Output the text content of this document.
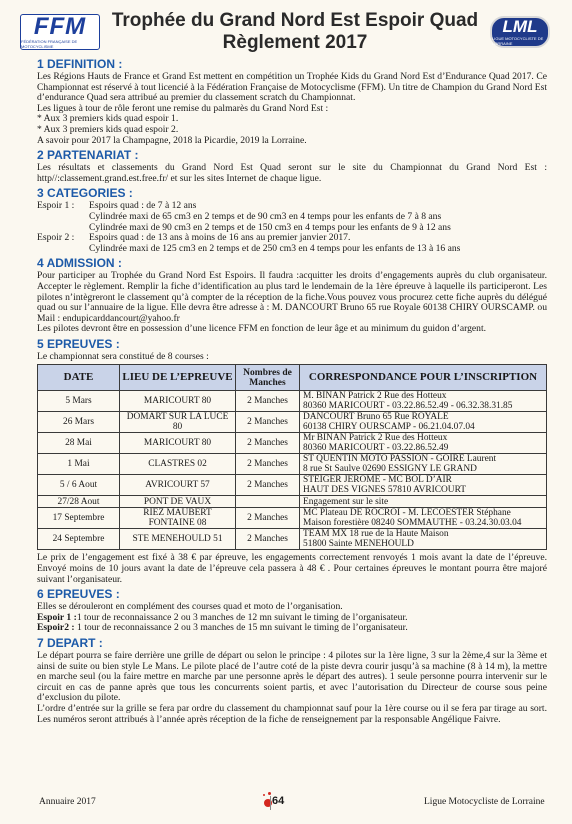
FFM
FÉDÉRATION FRANÇAISE DE MOTOCYCLISME
Trophée du Grand Nord Est Espoir Quad
Règlement 2017
LML
LIGUE MOTOCYCLISTE DE LORRAINE
1 DEFINITION :

Les Régions Hauts de France et Grand Est mettent en compétition un Trophée Kids du Grand Nord Est d’Endurance Quad 2017. Ce Championnat est réservé à tout licencié à la Fédération Française de Motocyclisme (FFM). Un titre de Champion du Grand Nord Est d’endurance Quad sera attribué au premier du classement scratch du Championnat.

Les ligues à tour de rôle feront une remise du palmarès du Grand Nord Est :

* Aux 3 premiers kids quad espoir 1.

* Aux 3 premiers kids quad espoir 2.

A savoir pour 2017 la Champagne, 2018 la Picardie, 2019 la Lorraine.

2 PARTENARIAT :

Les résultats et classements du Grand Nord Est Quad seront sur le site du Championnat du Grand Nord Est : http//:classement.grand.est.free.fr/ et sur les sites Internet de chaque ligue.

3 CATEGORIES :
Espoir 1 :	Espoirs quad : de 7 à 12 ans

Cylindrée maxi de 65 cm3 en 2 temps et de 90 cm3 en 4 temps pour les enfants de 7 à 8 ans

Cylindrée maxi de 90 cm3 en 2 temps et de 150 cm3 en 4 temps pour les enfants de 9 à 12 ans

Espoir 2 :	Espoirs quad : de 13 ans à moins de 16 ans au premier janvier 2017.

Cylindrée maxi de 125 cm3 en 2 temps et de 250 cm3 en 4 temps pour les enfants de 13 à 16 ans

4 ADMISSION :

Pour participer au Trophée du Grand Nord Est Espoirs. Il faudra :acquitter les droits d’engagements auprès du club organisateur. Accepter le règlement. Remplir la fiche d’identification au plus tard le lendemain de la 1ère épreuve à laquelle ils participeront. Les pilotes n’intègreront le classement qu’à compter de la réception de la fiche.Vous pouvez vous procurez cette fiche auprès du délégué quad ou sur l’annuaire de la ligue. Elle devra être adresse à : M. DANCOURT Bruno 65 rue Royale 60138 CHIRY OURSCAMP. ou Mail : endupicarddancourt@yahoo.fr

Les pilotes devront être en possession d’une licence FFM en fonction de leur âge et au minimum du guidon d’argent.

5 EPREUVES :

Le championnat sera constitué de 8 courses :

DATE	LIEU DE L’EPREUVE	Nombres de Manches	CORRESPONDANCE POUR L’INSCRIPTION
5 Mars	MARICOURT 80	2 Manches	M. BINAN Patrick 2 Rue des Hotteux
80360 MARICOURT - 03.22.86.52.49 - 06.32.38.31.85

26 Mars	DOMART SUR LA LUCE 80	2 Manches	DANCOURT Bruno 65 Rue ROYALE
60138 CHIRY OURSCAMP - 06.21.04.07.04

28 Mai	MARICOURT 80	2 Manches	Mr BINAN Patrick 2 Rue des Hotteux
80360 MARICOURT - 03.22.86.52.49

1 Mai	CLASTRES 02	2 Manches	ST QUENTIN MOTO PASSION - GOIRE Laurent
8 rue St Saulve 02690 ESSIGNY LE GRAND

5 / 6 Aout	AVRICOURT 57	2 Manches	STEIGER JEROME - MC BOL D’AIR
HAUT DES VIGNES 57810 AVRICOURT

27/28 Aout	PONT DE VAUX		Engagement sur le site

17 Septembre	RIEZ MAUBERT FONTAINE 08	2 Manches	MC Plateau DE ROCROI - M. LECOESTER Stéphane
Maison forestière 08240 SOMMAUTHE - 03.24.30.03.04

24 Septembre	STE MENEHOULD 51	2 Manches	TEAM MX 18 rue de la Haute Maison
51800 Sainte MENEHOULD

Le prix de l’engagement est fixé à 38 € par épreuve, les engagements correctement renvoyés 1 mois avant la date de l’épreuve. Envoyé moins de 10 jours avant la date de l’épreuve cela passera à 48 € . Pour certaines épreuves le montant pourra être majoré suivant l’organisateur.

6 EPREUVES :

Elles se dérouleront en complément des courses quad et moto de l’organisation.

Espoir 1 :1 tour de reconnaissance 2 ou 3 manches de 12 mn suivant le timing de l’organisateur.

Espoir2 : 1 tour de reconnaissance 2 ou 3 manches de 15 mn suivant le timing de l’organisateur.

7 DEPART :

Le départ pourra se faire derrière une grille de départ ou selon le principe : 4 pilotes sur la 1ère ligne, 3 sur la 2ème,4 sur la 3ème et ainsi de suite ou bien style Le Mans. Le pilote placé de l’autre coté de la piste devra courir jusqu’à sa machine (8 à 14 m), la mettre en marche seul (ou la faire mettre en marche par une personne après le départ des autres). 1 seule personne pourra intervenir sur le circuit en cas de panne après que tous les concurrents soient partis, et avec l’autorisation du Directeur de course sous peine d’exclusion du pilote.

L’ordre d’entrée sur la grille se fera par ordre du classement du championnat sauf pour la 1ère course ou il se fera par tirage au sort. Les numéros seront attribués à l’année après réception de la fiche de renseignement par la responsable Angélique Faivre.

Annuaire 2017	64	Ligue Motocycliste de Lorraine
